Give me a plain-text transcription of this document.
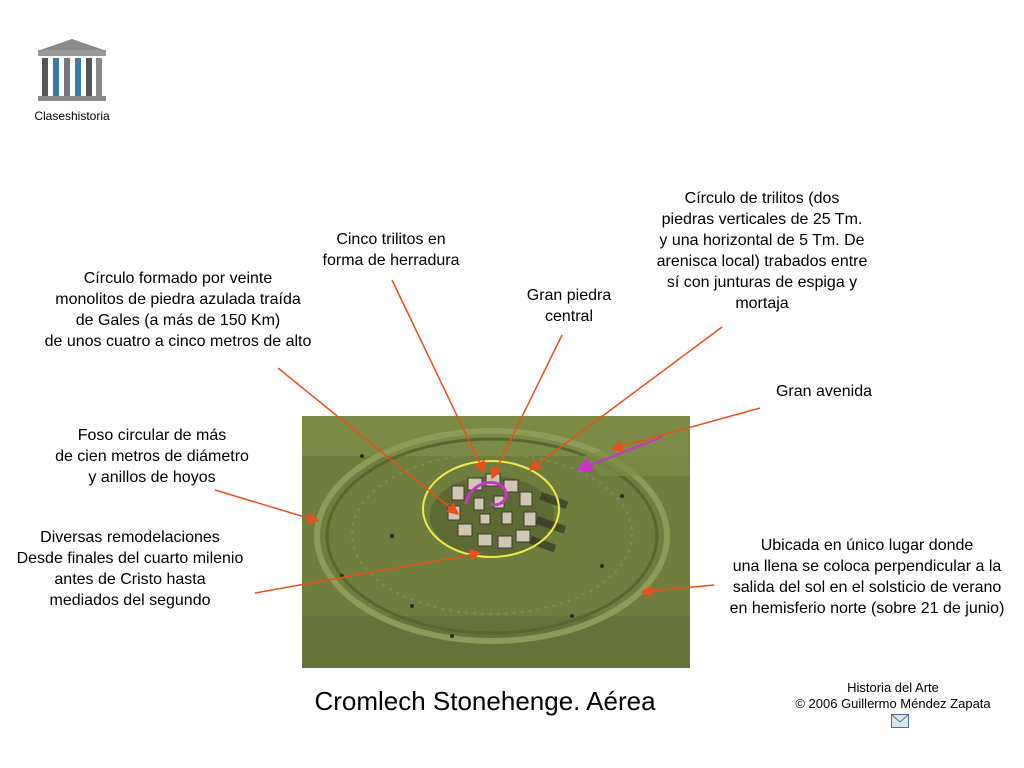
Claseshistoria
Círculo formado por veinte
monolitos de piedra azulada traída
de Gales (a más de 150 Km)
de unos cuatro a cinco metros de alto
Cinco trilitos en
forma de herradura
Gran piedra
central
Círculo de trilitos (dos
piedras verticales de 25 Tm.
y una horizontal de 5 Tm. De
arenisca local) trabados entre
sí con junturas de espiga y
mortaja
Gran avenida
Foso circular de más
de cien metros de diámetro
y anillos de hoyos
Diversas remodelaciones
Desde finales del cuarto milenio
antes de Cristo hasta
mediados del segundo
Ubicada en único lugar donde
una llena se coloca perpendicular a la
salida del sol en el solsticio de verano
en hemisferio norte (sobre 21 de junio)
Cromlech Stonehenge. Aérea	Historia del Arte
© 2006 Guillermo Méndez Zapata
